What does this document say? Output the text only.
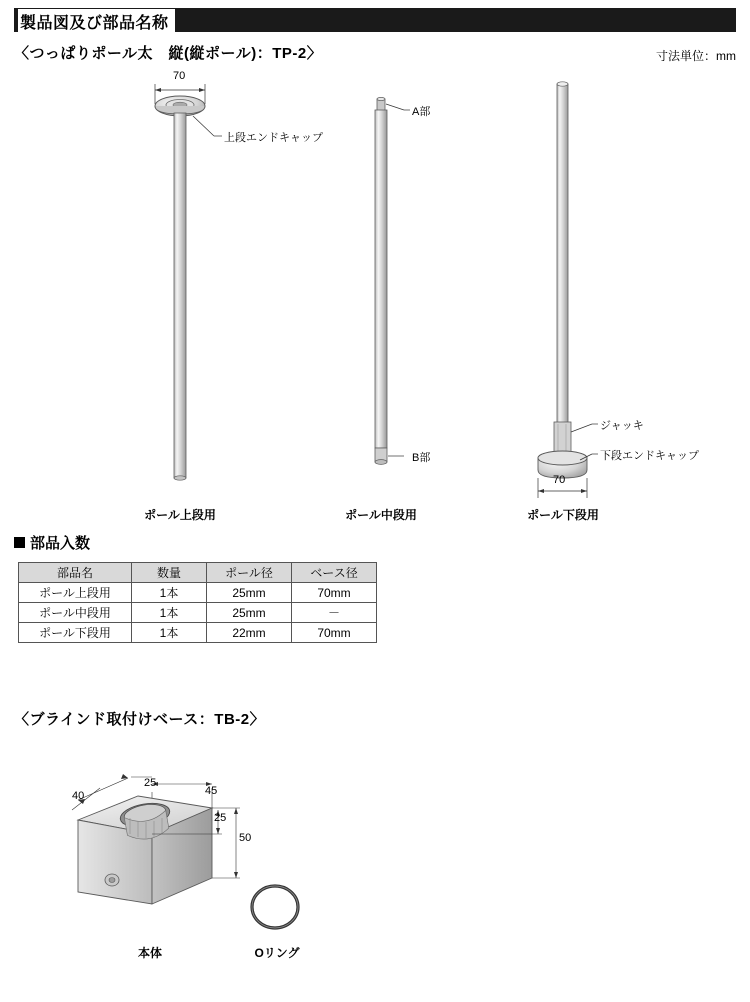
製品図及び部品名称
〈つっぱりポール太　縦(縦ポール)：TP-2〉	寸法単位：mm
70
上段エンドキャップ
A部
B部
ジャッキ
下段エンドキャップ
70
ポール上段用	ポール中段用	ポール下段用
部品入数
部品名	数量	ポール径	ベース径
ポール上段用	1本	25mm	70mm
ポール中段用	1本	25mm	－
ポール下段用	1本	22mm	70mm
〈ブラインド取付けベース：TB-2〉
40
25
45
25
50
本体	Oリング
